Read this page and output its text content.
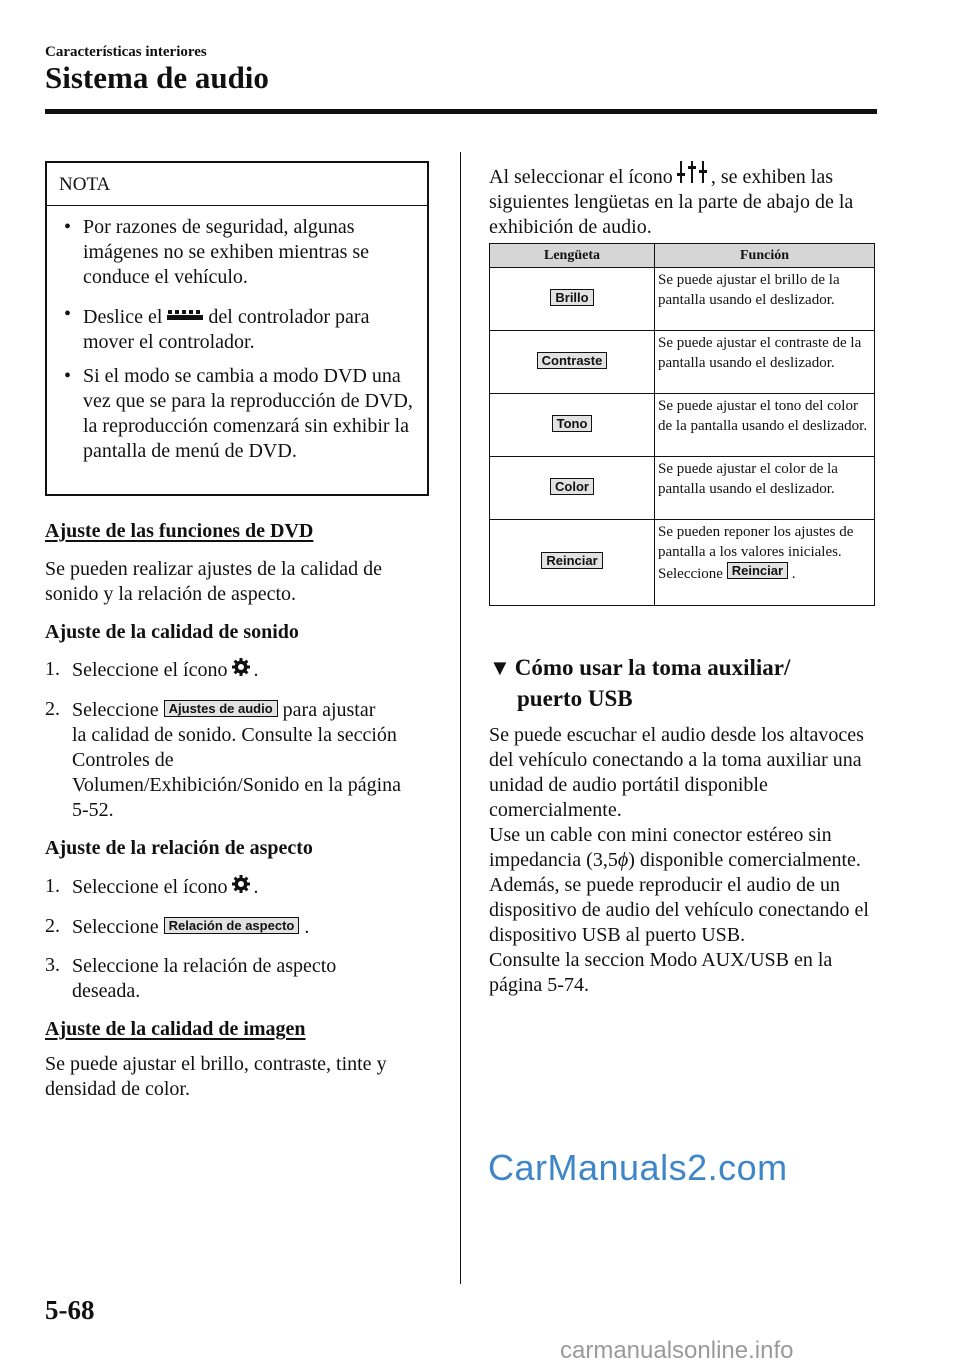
Características interiores
Sistema de audio
NOTA
• Por razones de seguridad, algunas imágenes no se exhiben mientras se conduce el vehículo.
• Deslice el del controlador para
mover el controlador.
• Si el modo se cambia a modo DVD una vez que se para la reproducción de DVD, la reproducción comenzará sin exhibir la pantalla de menú de DVD.
Ajuste de las funciones de DVD
Se pueden realizar ajustes de la calidad de sonido y la relación de aspecto.
Ajuste de la calidad de sonido
1. Seleccione el ícono .
2. Seleccione Ajustes de audio para ajustar
la calidad de sonido. Consulte la sección Controles de Volumen/Exhibición/Sonido en la página 5-52.
Ajuste de la relación de aspecto
1. Seleccione el ícono .
2. Seleccione Relación de aspecto .
3. Seleccione la relación de aspecto deseada.
Ajuste de la calidad de imagen
Se puede ajustar el brillo, contraste, tinte y densidad de color.
Al seleccionar el ícono , se exhiben las
siguientes lengüetas en la parte de abajo de la exhibición de audio.
Lengüeta	Función
Brillo	Se puede ajustar el brillo de la pantalla usando el deslizador.
Contraste	Se puede ajustar el contraste de la pantalla usando el deslizador.
Tono	Se puede ajustar el tono del color de la pantalla usando el deslizador.
Color	Se puede ajustar el color de la pantalla usando el deslizador.
Reinciar	Se pueden reponer los ajustes de pantalla a los valores iniciales.
Seleccione Reinciar .
▼ Cómo usar la toma auxiliar/
puerto USB
Se puede escuchar el audio desde los altavoces del vehículo conectando a la toma auxiliar una unidad de audio portátil disponible comercialmente.
Use un cable con mini conector estéreo sin impedancia (3,5ϕ) disponible comercialmente.
Además, se puede reproducir el audio de un dispositivo de audio del vehículo conectando el dispositivo USB al puerto USB.
Consulte la seccion Modo AUX/USB en la página 5-74.
CarManuals2.com
5-68
carmanualsonline.info
